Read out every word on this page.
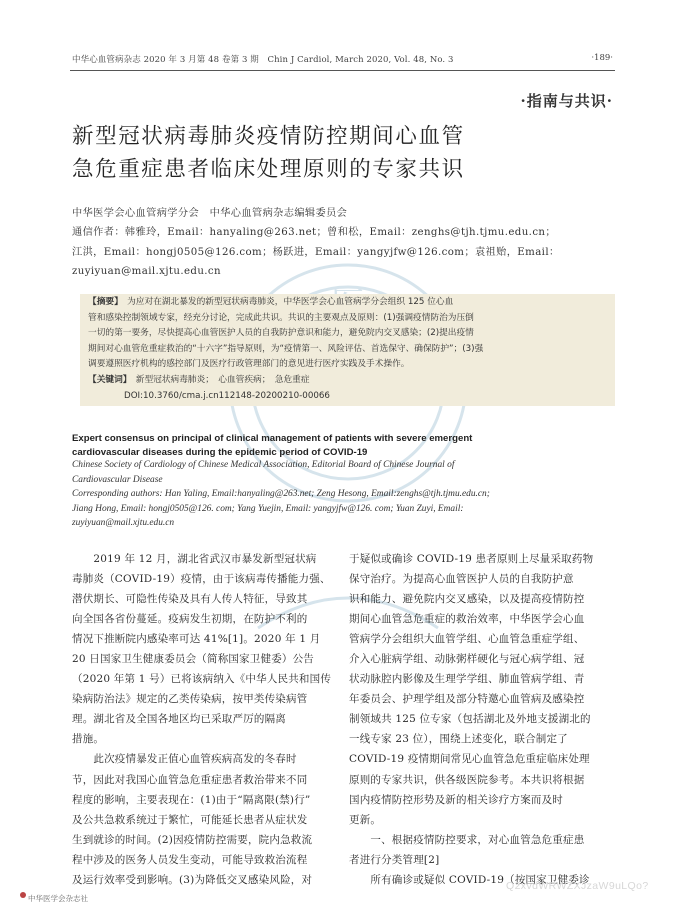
中华心血管病杂志 2020 年 3 月第 48 卷第 3 期　Chin J Cardiol, March 2020, Vol. 48, No. 3	·189·
·指南与共识·
新型冠状病毒肺炎疫情防控期间心血管
急危重症患者临床处理原则的专家共识
中华医学会心血管病学分会　中华心血管病杂志编辑委员会
通信作者：韩雅玲，Email：hanyaling@263.net；曾和松，Email：zenghs@tjh.tjmu.edu.cn；
江洪，Email：hongj0505@126.com；杨跃进，Email：yangyjfw@126.com；袁祖贻，Email：
zuyiyuan@mail.xjtu.edu.cn
【摘要】　 为应对在湖北暴发的新型冠状病毒肺炎，中华医学会心血管病学分会组织 125 位心血
管和感染控制领域专家，经充分讨论，完成此共识。共识的主要观点及原则：(1)强调疫情防治为压倒
一切的第一要务，尽快提高心血管医护人员的自我防护意识和能力，避免院内交叉感染；(2)提出疫情
期间对心血管危重症救治的“十六字”指导原则，为“疫情第一、风险评估、首选保守、确保防护”；(3)强
调要遵照医疗机构的感控部门及医疗行政管理部门的意见进行医疗实践及手术操作。
【关键词】　 新型冠状病毒肺炎；　心血管疾病；　急危重症
DOI:10.3760/cma.j.cn112148-20200210-00066
Expert consensus on principal of clinical management of patients with severe emergent
cardiovascular diseases during the epidemic period of COVID-19
Chinese Society of Cardiology of Chinese Medical Association, Editorial Board of Chinese Journal of
Cardiovascular Disease
Corresponding authors: Han Yaling, Email:hanyaling@263.net; Zeng Hesong, Email:zenghs@tjh.tjmu.edu.cn;
Jiang Hong, Email: hongj0505@126. com; Yang Yuejin, Email: yangyjfw@126. com; Yuan Zuyi, Email:
zuyiyuan@mail.xjtu.edu.cn
　　2019 年 12 月，湖北省武汉市暴发新型冠状病
毒肺炎（COVID-19）疫情，由于该病毒传播能力强、
潜伏期长、可隐性传染及具有人传人特征，导致其
向全国各省份蔓延。疫病发生初期，在防护不利的
情况下推断院内感染率可达 41%[1]。2020 年 1 月
20 日国家卫生健康委员会（简称国家卫健委）公告
（2020 年第 1 号）已将该病纳入《中华人民共和国传
染病防治法》规定的乙类传染病，按甲类传染病管
理。湖北省及全国各地区均已采取严厉的隔离
措施。
　　此次疫情暴发正值心血管疾病高发的冬春时
节，因此对我国心血管急危重症患者救治带来不同
程度的影响，主要表现在：(1)由于“隔离限(禁)行”
及公共急救系统过于繁忙，可能延长患者从症状发
生到就诊的时间。(2)因疫情防控需要，院内急救流
程中涉及的医务人员发生变动，可能导致救治流程
及运行效率受到影响。(3)为降低交叉感染风险，对
于疑似或确诊 COVID-19 患者原则上尽量采取药物
保守治疗。为提高心血管医护人员的自我防护意
识和能力、避免院内交叉感染，以及提高疫情防控
期间心血管急危重症的救治效率，中华医学会心血
管病学分会组织大血管学组、心血管急重症学组、
介入心脏病学组、动脉粥样硬化与冠心病学组、冠
状动脉腔内影像及生理学学组、肺血管病学组、青
年委员会、护理学组及部分特邀心血管病及感染控
制领域共 125 位专家（包括湖北及外地支援湖北的
一线专家 23 位），围绕上述变化，联合制定了
COVID-19 疫情期间常见心血管急危重症临床处理
原则的专家共识，供各级医院参考。本共识将根据
国内疫情防控形势及新的相关诊疗方案而及时
更新。
　　一、根据疫情防控要求，对心血管急危重症患
者进行分类管理[2]
　　所有确诊或疑似 COVID-19（按国家卫健委诊
中华医学会杂志社
Q2xvdWRWZXJzaW9uLQo?
